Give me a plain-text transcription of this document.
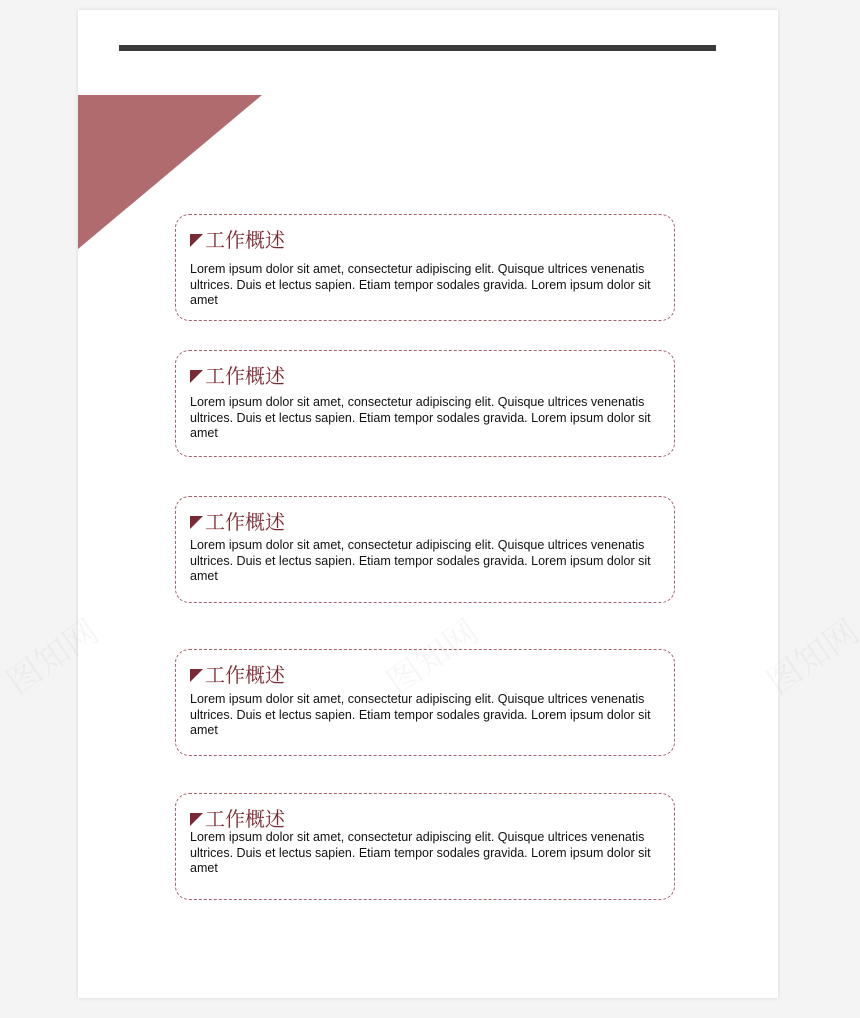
工作概述

Lorem ipsum dolor sit amet, consectetur adipiscing elit. Quisque ultrices venenatis ultrices. Duis et lectus sapien. Etiam tempor sodales gravida. Lorem ipsum dolor sit amet

工作概述

Lorem ipsum dolor sit amet, consectetur adipiscing elit. Quisque ultrices venenatis ultrices. Duis et lectus sapien. Etiam tempor sodales gravida. Lorem ipsum dolor sit amet

工作概述

Lorem ipsum dolor sit amet, consectetur adipiscing elit. Quisque ultrices venenatis ultrices. Duis et lectus sapien. Etiam tempor sodales gravida. Lorem ipsum dolor sit amet

工作概述

Lorem ipsum dolor sit amet, consectetur adipiscing elit. Quisque ultrices venenatis ultrices. Duis et lectus sapien. Etiam tempor sodales gravida. Lorem ipsum dolor sit amet

工作概述

Lorem ipsum dolor sit amet, consectetur adipiscing elit. Quisque ultrices venenatis ultrices. Duis et lectus sapien. Etiam tempor sodales gravida. Lorem ipsum dolor sit amet
